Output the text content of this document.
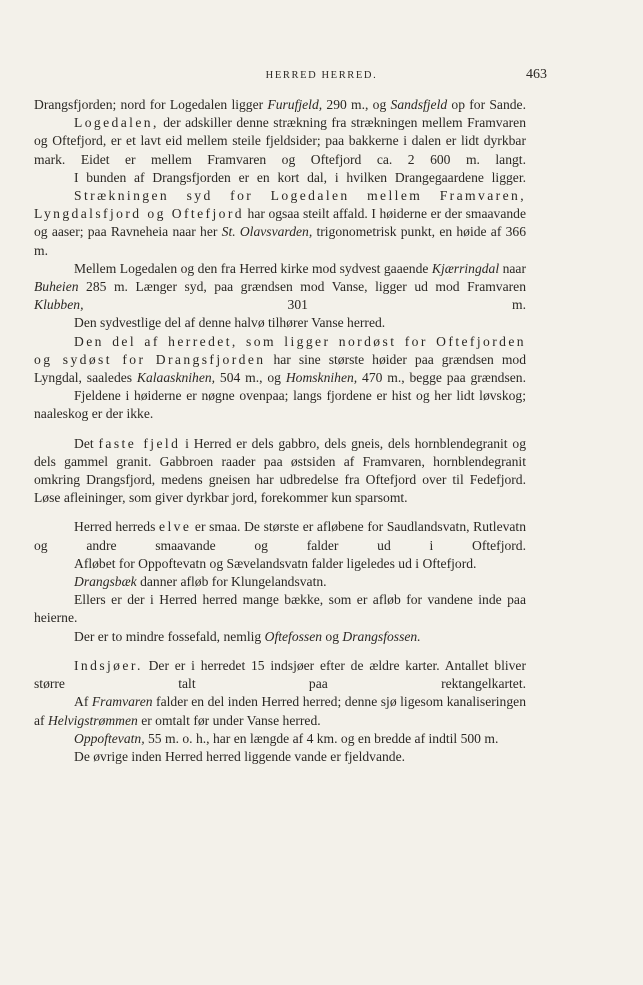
HERRED HERRED.	463

Drangsfjorden; nord for Logedalen ligger Furufjeld, 290 m., og Sandsfjeld op for Sande.

Logedalen, der adskiller denne strækning fra strækningen mellem Framvaren og Oftefjord, er et lavt eid mellem steile fjeldsider; paa bakkerne i dalen er lidt dyrkbar mark. Eidet er mellem Framvaren og Oftefjord ca. 2 600 m. langt.

I bunden af Drangsfjorden er en kort dal, i hvilken Drangegaardene ligger.

Strækningen syd for Logedalen mellem Framvaren, Lyngdalsfjord og Oftefjord har ogsaa steilt affald. I høiderne er der smaavande og aaser; paa Ravneheia naar her St. Olavsvarden, trigonometrisk punkt, en høide af 366 m.

Mellem Logedalen og den fra Herred kirke mod sydvest gaaende Kjærringdal naar Buheien 285 m. Længer syd, paa grændsen mod Vanse, ligger ud mod Framvaren Klubben, 301 m.

Den sydvestlige del af denne halvø tilhører Vanse herred.

Den del af herredet, som ligger nordøst for Oftefjorden og sydøst for Drangsfjorden har sine største høider paa grændsen mod Lyngdal, saaledes Kalaasknihen, 504 m., og Homsknihen, 470 m., begge paa grændsen.

Fjeldene i høiderne er nøgne ovenpaa; langs fjordene er hist og her lidt løvskog; naaleskog er der ikke.

Det faste fjeld i Herred er dels gabbro, dels gneis, dels hornblendegranit og dels gammel granit. Gabbroen raader paa østsiden af Framvaren, hornblendegranit omkring Drangsfjord, medens gneisen har udbredelse fra Oftefjord over til Fedefjord. Løse afleininger, som giver dyrkbar jord, forekommer kun sparsomt.

Herred herreds elve er smaa. De største er afløbene for Saudlandsvatn, Rutlevatn og andre smaavande og falder ud i Oftefjord.

Afløbet for Oppoftevatn og Sævelandsvatn falder ligeledes ud i Oftefjord.

Drangsbæk danner afløb for Klungelandsvatn.

Ellers er der i Herred herred mange bække, som er afløb for vandene inde paa heierne.

Der er to mindre fossefald, nemlig Oftefossen og Drangsfossen.

Indsjøer. Der er i herredet 15 indsjøer efter de ældre karter. Antallet bliver større talt paa rektangelkartet.

Af Framvaren falder en del inden Herred herred; denne sjø ligesom kanaliseringen af Helvigstrømmen er omtalt før under Vanse herred.

Oppoftevatn, 55 m. o. h., har en længde af 4 km. og en bredde af indtil 500 m.

De øvrige inden Herred herred liggende vande er fjeldvande.
